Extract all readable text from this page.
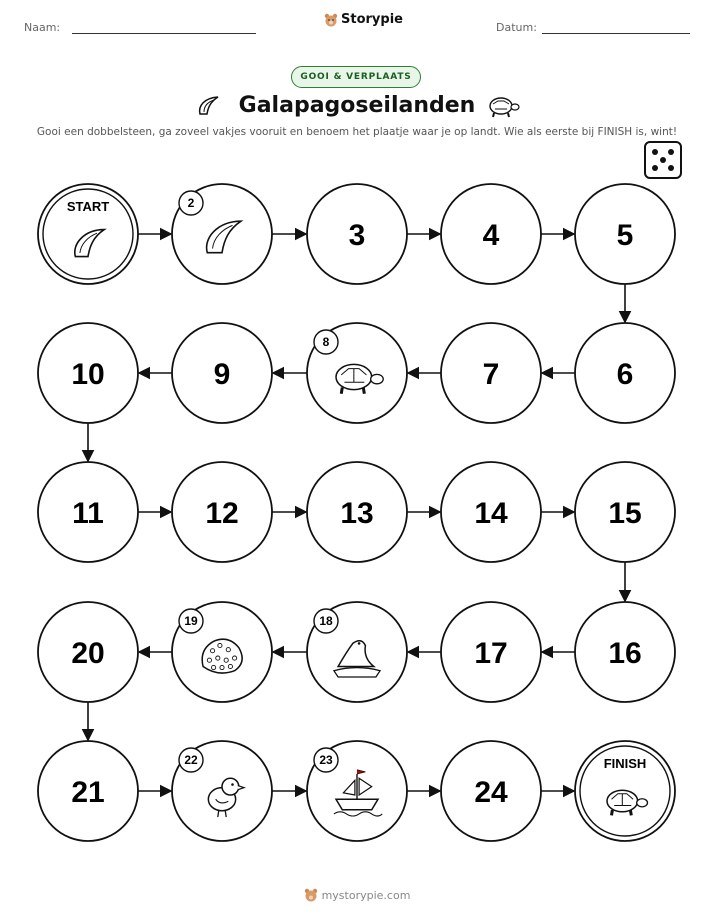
Naam:
Storypie
Datum:
GOOI & VERPLAATS
Galapagoseilanden
Gooi een dobbelsteen, ga zoveel vakjes vooruit en benoem het plaatje waar je op landt. Wie als eerste bij FINISH is, wint!
START	2
3	4	5
6
7
8
9
10
11	12	13	14	15
16
17
18
19
20
21
22	23
24
FINISH
mystorypie.com
